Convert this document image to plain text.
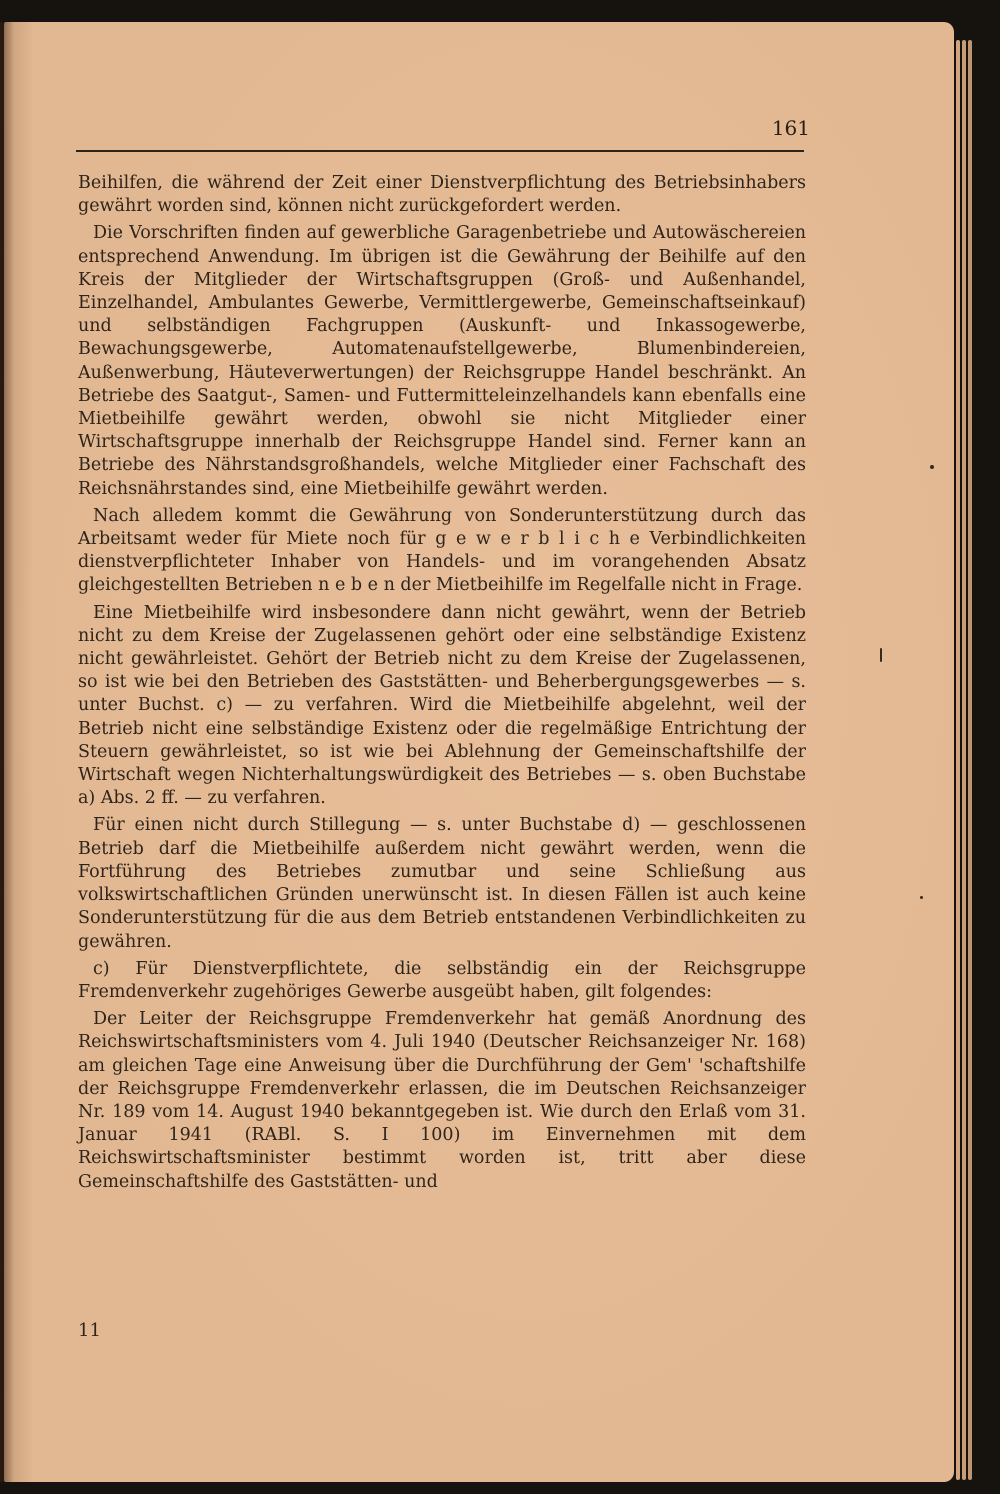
161

Beihilfen, die während der Zeit einer Dienstverpflichtung des Betriebsinhabers gewährt worden sind, können nicht zurückgefordert werden.

Die Vorschriften finden auf gewerbliche Garagenbetriebe und Autowäschereien entsprechend Anwendung. Im übrigen ist die Gewährung der Beihilfe auf den Kreis der Mitglieder der Wirtschaftsgruppen (Groß- und Außenhandel, Einzelhandel, Ambulantes Gewerbe, Vermittlergewerbe, Gemeinschaftseinkauf) und selbständigen Fachgruppen (Auskunft- und Inkassogewerbe, Bewachungsgewerbe, Automatenaufstellgewerbe, Blumenbindereien, Außenwerbung, Häuteverwertungen) der Reichsgruppe Handel beschränkt. An Betriebe des Saatgut-, Samen- und Futtermitteleinzelhandels kann ebenfalls eine Mietbeihilfe gewährt werden, obwohl sie nicht Mitglieder einer Wirtschaftsgruppe innerhalb der Reichsgruppe Handel sind. Ferner kann an Betriebe des Nährstandsgroßhandels, welche Mitglieder einer Fachschaft des Reichsnährstandes sind, eine Mietbeihilfe gewährt werden.

Nach alledem kommt die Gewährung von Sonderunterstützung durch das Arbeitsamt weder für Miete noch für g e w e r b l i c h e Verbindlichkeiten dienstverpflichteter Inhaber von Handels- und im vorangehenden Absatz gleichgestellten Betrieben n e b e n der Mietbeihilfe im Regelfalle nicht in Frage.

Eine Mietbeihilfe wird insbesondere dann nicht gewährt, wenn der Betrieb nicht zu dem Kreise der Zugelassenen gehört oder eine selbständige Existenz nicht gewährleistet. Gehört der Betrieb nicht zu dem Kreise der Zugelassenen, so ist wie bei den Betrieben des Gaststätten- und Beherbergungsgewerbes — s. unter Buchst. c) — zu verfahren. Wird die Mietbeihilfe abgelehnt, weil der Betrieb nicht eine selbständige Existenz oder die regelmäßige Entrichtung der Steuern gewährleistet, so ist wie bei Ablehnung der Gemeinschaftshilfe der Wirtschaft wegen Nichterhaltungswürdigkeit des Betriebes — s. oben Buchstabe a) Abs. 2 ff. — zu verfahren.

Für einen nicht durch Stillegung — s. unter Buchstabe d) — geschlossenen Betrieb darf die Mietbeihilfe außerdem nicht gewährt werden, wenn die Fortführung des Betriebes zumutbar und seine Schließung aus volkswirtschaftlichen Gründen unerwünscht ist. In diesen Fällen ist auch keine Sonderunterstützung für die aus dem Betrieb entstandenen Verbindlichkeiten zu gewähren.

c) Für Dienstverpflichtete, die selbständig ein der Reichsgruppe Fremdenverkehr zugehöriges Gewerbe ausgeübt haben, gilt folgendes:

Der Leiter der Reichsgruppe Fremdenverkehr hat gemäß Anordnung des Reichswirtschaftsministers vom 4. Juli 1940 (Deutscher Reichsanzeiger Nr. 168) am gleichen Tage eine Anweisung über die Durchführung der Gem' 'schaftshilfe der Reichsgruppe Fremdenverkehr erlassen, die im Deutschen Reichsanzeiger Nr. 189 vom 14. August 1940 bekanntgegeben ist. Wie durch den Erlaß vom 31. Januar 1941 (RABl. S. I 100) im Einvernehmen mit dem Reichswirtschaftsminister bestimmt worden ist, tritt aber diese Gemeinschaftshilfe des Gaststätten- und

11
